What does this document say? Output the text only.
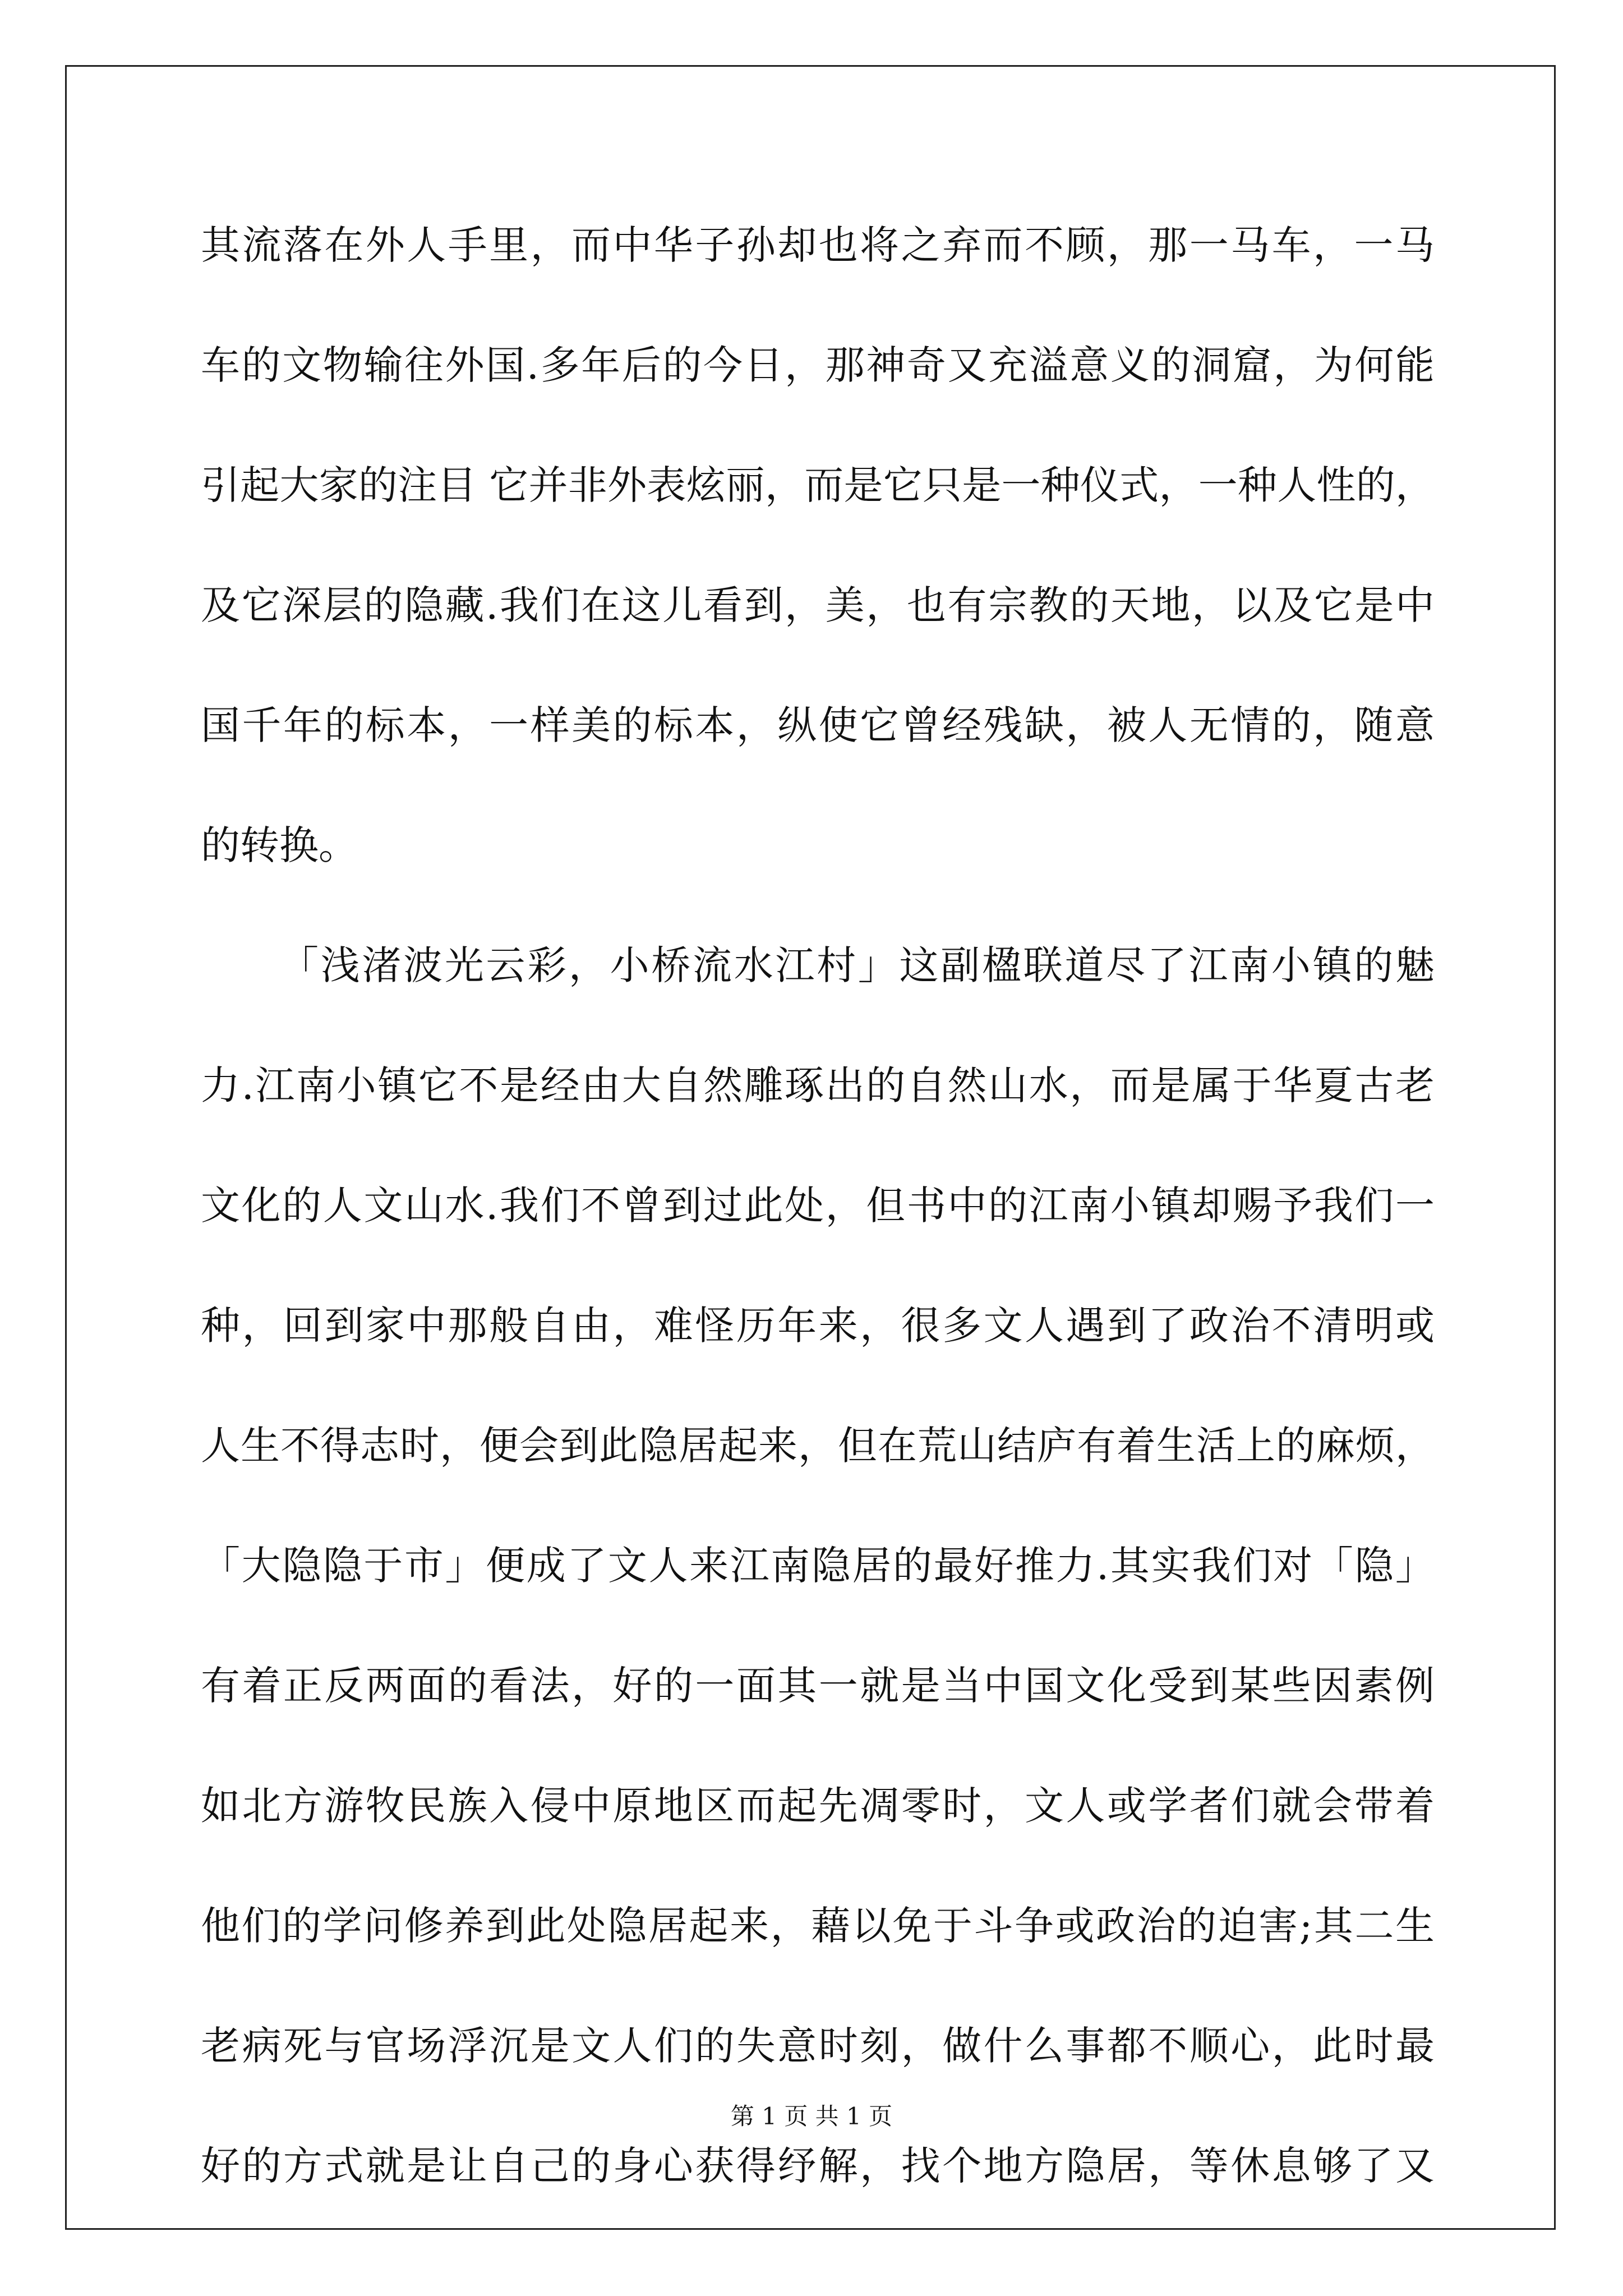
其流落在外人手里，而中华子孙却也将之弃而不顾，那一马车，一马
车的文物输往外国.多年后的今日，那神奇又充溢意义的洞窟，为何能
引起大家的注目 它并非外表炫丽，而是它只是一种仪式，一种人性的，
及它深层的隐藏.我们在这儿看到，美，也有宗教的天地，以及它是中
国千年的标本，一样美的标本，纵使它曾经残缺，被人无情的，随意
的转换。
「浅渚波光云彩，小桥流水江村」这副楹联道尽了江南小镇的魅
力.江南小镇它不是经由大自然雕琢出的自然山水，而是属于华夏古老
文化的人文山水.我们不曾到过此处，但书中的江南小镇却赐予我们一
种，回到家中那般自由，难怪历年来，很多文人遇到了政治不清明或
人生不得志时，便会到此隐居起来，但在荒山结庐有着生活上的麻烦，
「大隐隐于市」便成了文人来江南隐居的最好推力.其实我们对「隐」
有着正反两面的看法，好的一面其一就是当中国文化受到某些因素例
如北方游牧民族入侵中原地区而起先凋零时，文人或学者们就会带着
他们的学问修养到此处隐居起来，藉以免于斗争或政治的迫害;其二生
老病死与官场浮沉是文人们的失意时刻，做什么事都不顺心，此时最
好的方式就是让自己的身心获得纾解，找个地方隐居，等休息够了又
第 1 页 共 1 页
